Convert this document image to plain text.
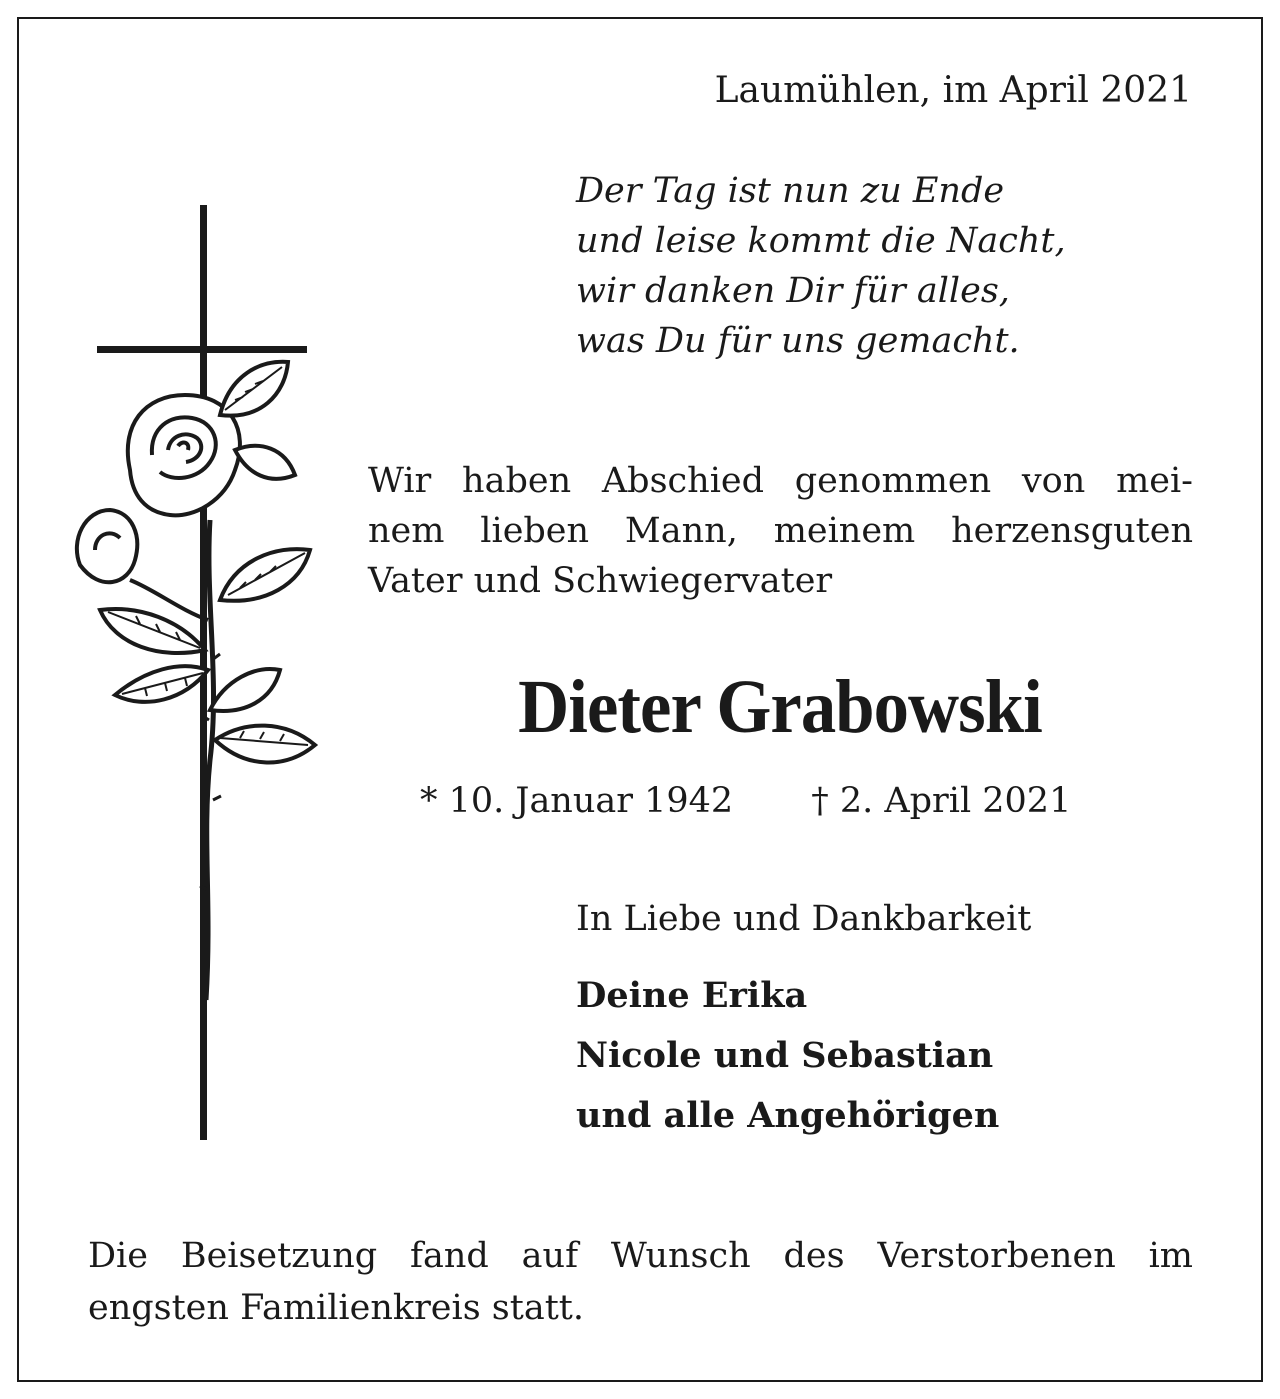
Laumühlen, im April 2021

Der Tag ist nun zu Ende
und leise kommt die Nacht,
wir danken Dir für alles,
was Du für uns gemacht.
Wir haben Abschied genommen von mei-
nem lieben Mann, meinem herzensguten
Vater und Schwiegervater
Dieter Grabowski
* 10. Januar 1942 † 2. April 2021
In Liebe und Dankbarkeit
Deine Erika
Nicole und Sebastian
und alle Angehörigen
Die Beisetzung fand auf Wunsch des Verstorbenen im
engsten Familienkreis statt.
